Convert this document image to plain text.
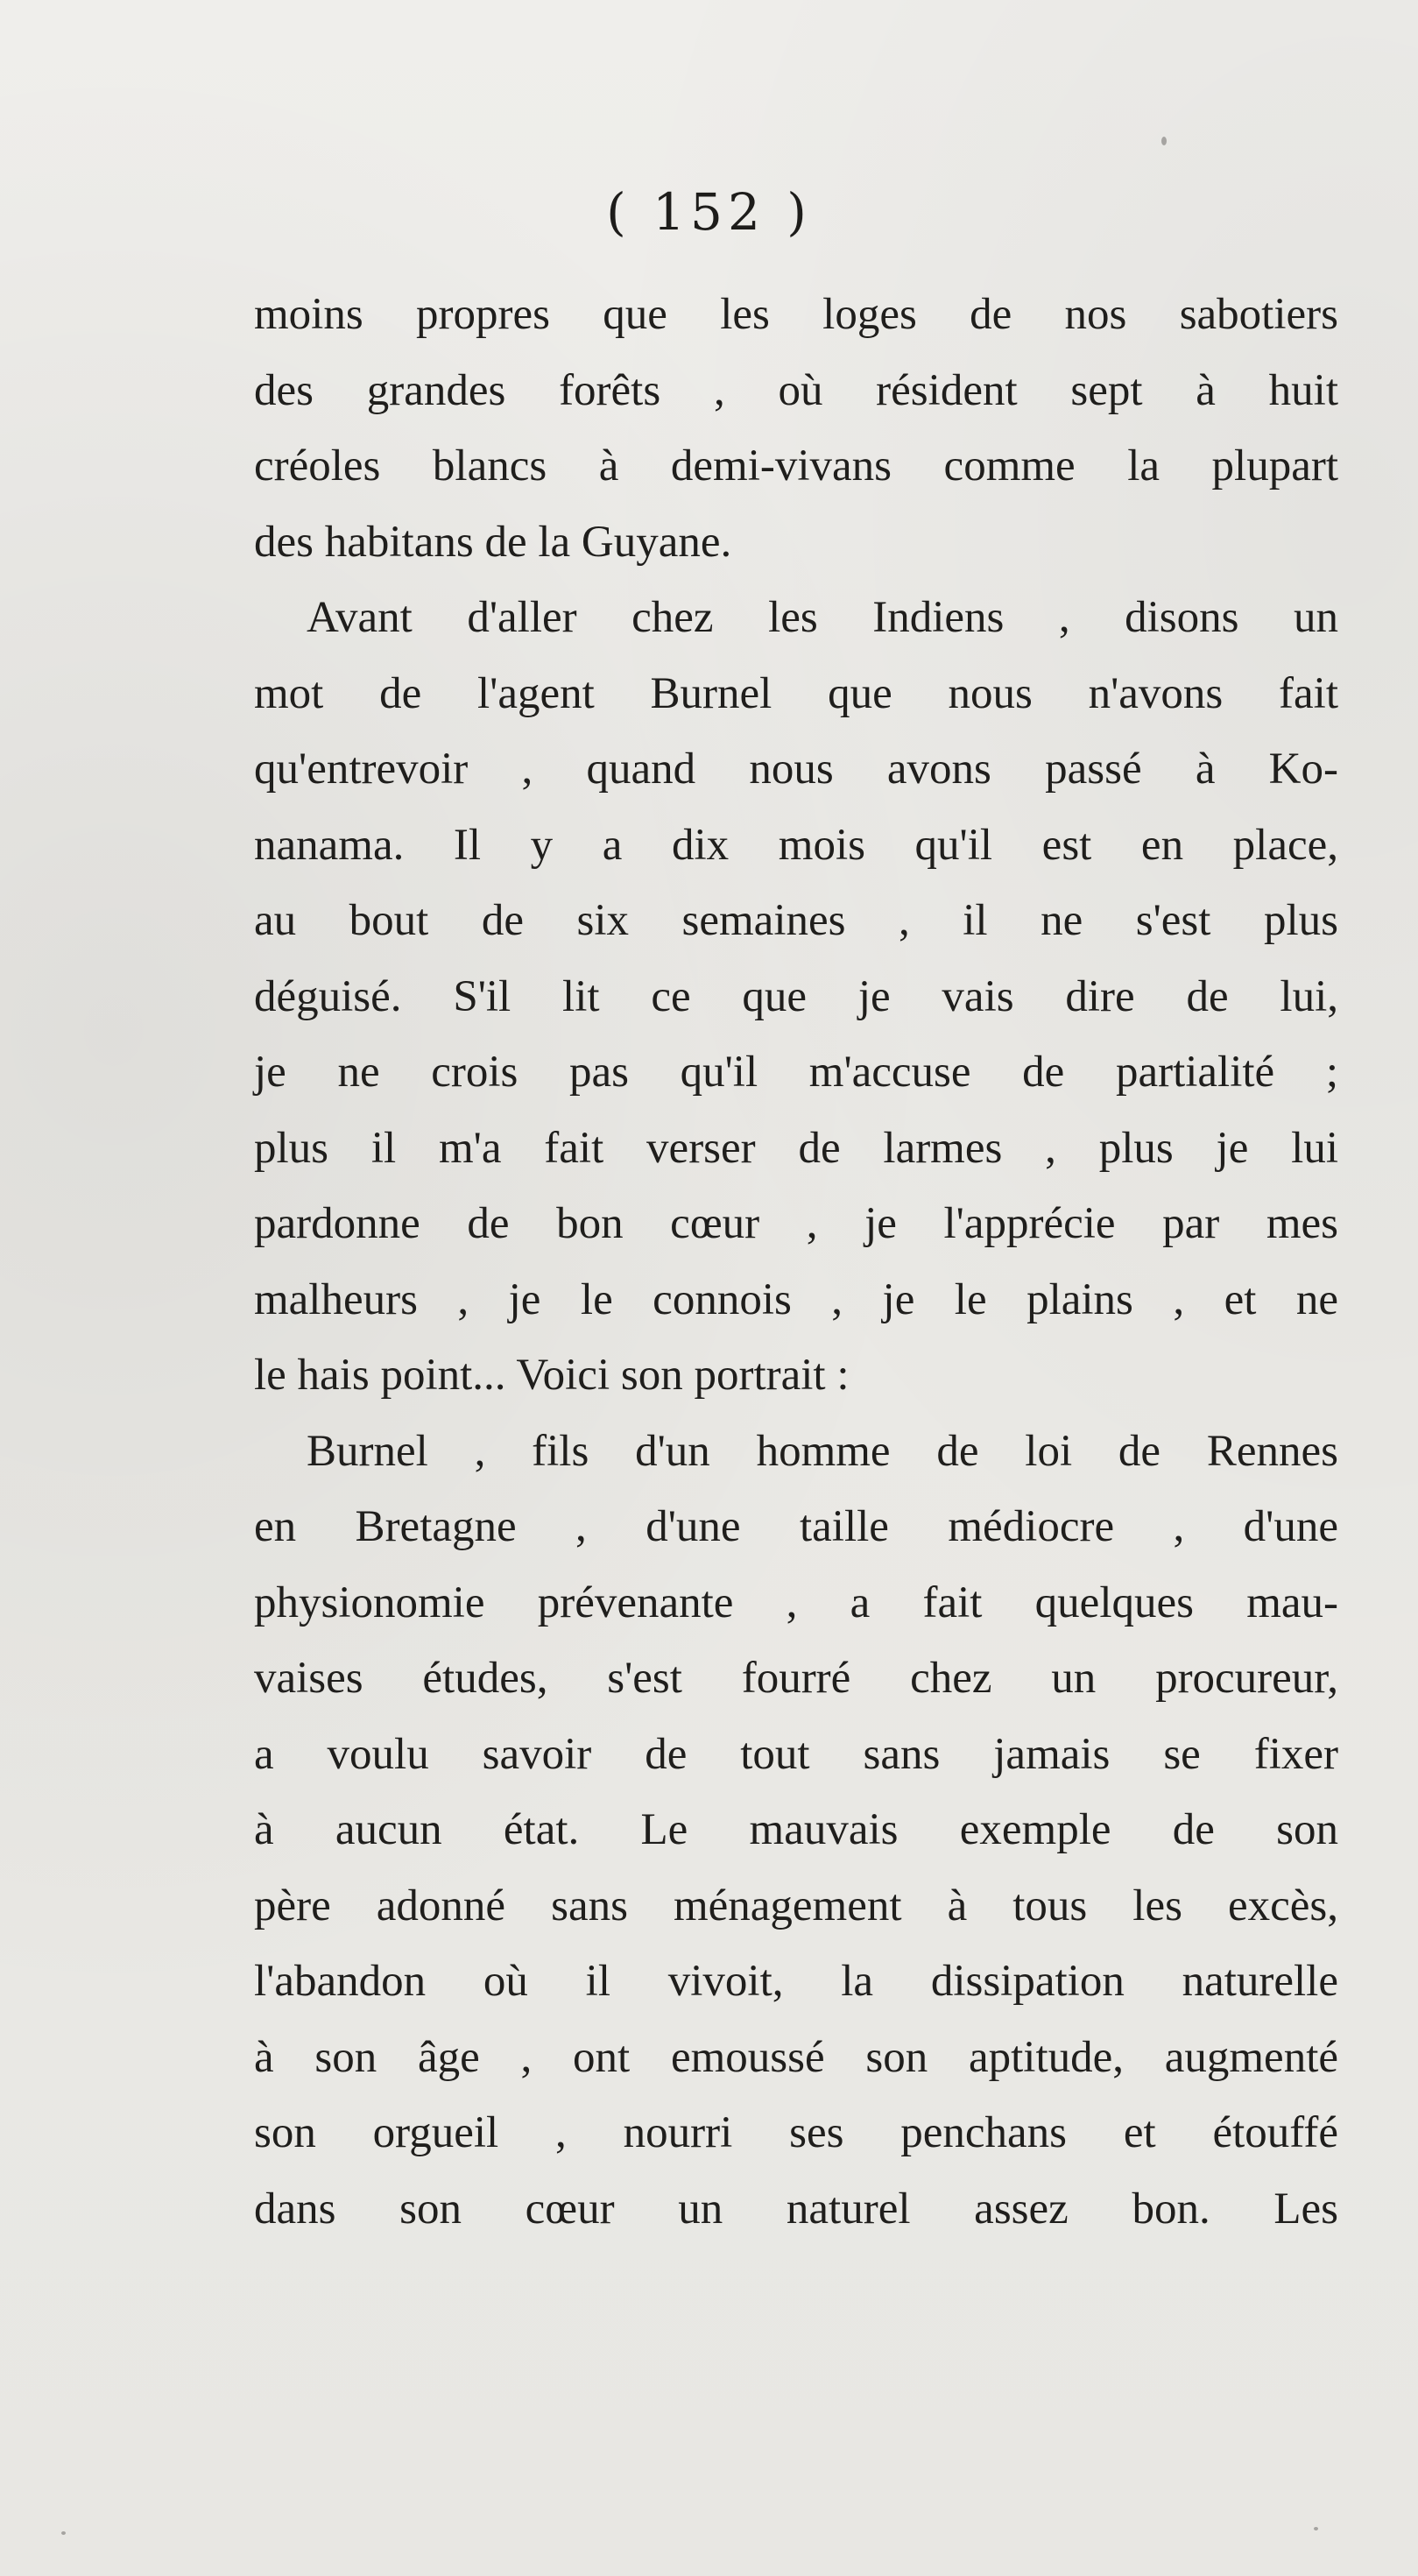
( 152 )
moins propres que les loges de nos sabotiers
des grandes forêts , où résident sept à huit
créoles blancs à demi-vivans comme la plupart
des habitans de la Guyane.
Avant d'aller chez les Indiens , disons un
mot de l'agent Burnel que nous n'avons fait
qu'entrevoir , quand nous avons passé à Ko-
nanama. Il y a dix mois qu'il est en place,
au bout de six semaines , il ne s'est plus
déguisé. S'il lit ce que je vais dire de lui,
je ne crois pas qu'il m'accuse de partialité ;
plus il m'a fait verser de larmes , plus je lui
pardonne de bon cœur , je l'apprécie par mes
malheurs , je le connois , je le plains , et ne
le hais point... Voici son portrait :
Burnel , fils d'un homme de loi de Rennes
en Bretagne , d'une taille médiocre , d'une
physionomie prévenante , a fait quelques mau-
vaises études, s'est fourré chez un procureur,
a voulu savoir de tout sans jamais se fixer
à aucun état. Le mauvais exemple de son
père adonné sans ménagement à tous les excès,
l'abandon où il vivoit, la dissipation naturelle
à son âge , ont emoussé son aptitude, augmenté
son orgueil , nourri ses penchans et étouffé
dans son cœur un naturel assez bon. Les
